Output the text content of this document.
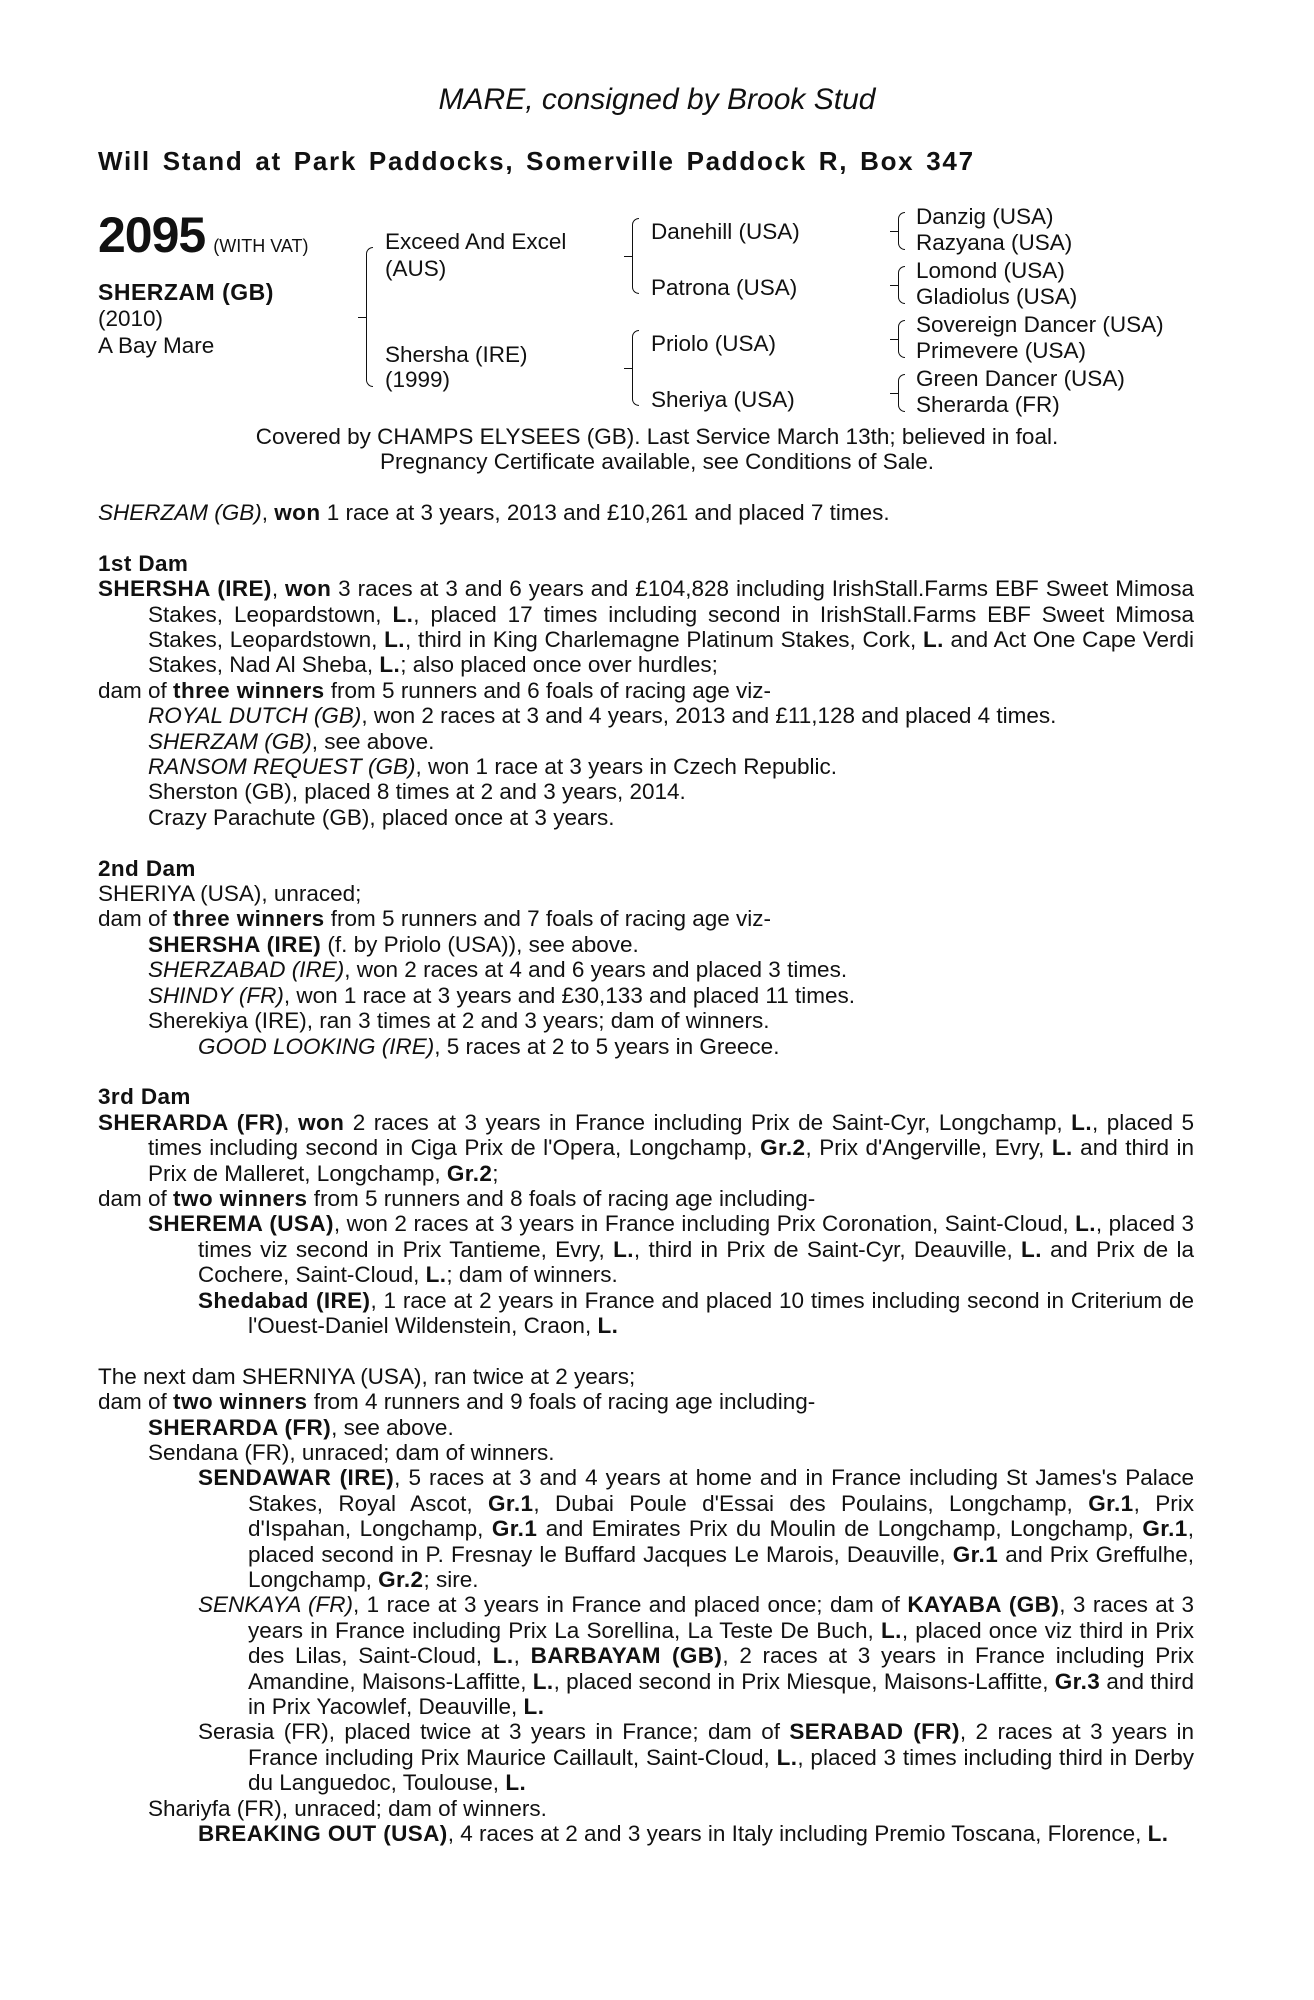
MARE, consigned by Brook Stud
Will Stand at Park Paddocks, Somerville Paddock R, Box 347
2095 (WITH VAT)
SHERZAM (GB)
(2010)
A Bay Mare
Exceed And Excel (AUS)
Shersha (IRE)
(1999)
Danehill (USA)
Patrona (USA)
Priolo (USA)
Sheriya (USA)
Danzig (USA)
Razyana (USA)
Lomond (USA)
Gladiolus (USA)
Sovereign Dancer (USA)
Primevere (USA)
Green Dancer (USA)
Sherarda (FR)
Covered by CHAMPS ELYSEES (GB). Last Service March 13th; believed in foal.
Pregnancy Certificate available, see Conditions of Sale.

SHERZAM (GB), won 1 race at 3 years, 2013 and £10,261 and placed 7 times.

1st Dam

SHERSHA (IRE), won 3 races at 3 and 6 years and £104,828 including IrishStall.Farms EBF Sweet Mimosa Stakes, Leopardstown, L., placed 17 times including second in IrishStall.Farms EBF Sweet Mimosa Stakes, Leopardstown, L., third in King Charlemagne Platinum Stakes, Cork, L. and Act One Cape Verdi Stakes, Nad Al Sheba, L.; also placed once over hurdles;

dam of three winners from 5 runners and 6 foals of racing age viz-

ROYAL DUTCH (GB), won 2 races at 3 and 4 years, 2013 and £11,128 and placed 4 times.

SHERZAM (GB), see above.

RANSOM REQUEST (GB), won 1 race at 3 years in Czech Republic.

Sherston (GB), placed 8 times at 2 and 3 years, 2014.

Crazy Parachute (GB), placed once at 3 years.

2nd Dam

SHERIYA (USA), unraced;

dam of three winners from 5 runners and 7 foals of racing age viz-

SHERSHA (IRE) (f. by Priolo (USA)), see above.

SHERZABAD (IRE), won 2 races at 4 and 6 years and placed 3 times.

SHINDY (FR), won 1 race at 3 years and £30,133 and placed 11 times.

Sherekiya (IRE), ran 3 times at 2 and 3 years; dam of winners.

GOOD LOOKING (IRE), 5 races at 2 to 5 years in Greece.

3rd Dam

SHERARDA (FR), won 2 races at 3 years in France including Prix de Saint-Cyr, Longchamp, L., placed 5 times including second in Ciga Prix de l'Opera, Longchamp, Gr.2, Prix d'Angerville, Evry, L. and third in Prix de Malleret, Longchamp, Gr.2;

dam of two winners from 5 runners and 8 foals of racing age including-

SHEREMA (USA), won 2 races at 3 years in France including Prix Coronation, Saint-Cloud, L., placed 3 times viz second in Prix Tantieme, Evry, L., third in Prix de Saint-Cyr, Deauville, L. and Prix de la Cochere, Saint-Cloud, L.; dam of winners.

Shedabad (IRE), 1 race at 2 years in France and placed 10 times including second in Criterium de l'Ouest-Daniel Wildenstein, Craon, L.

The next dam SHERNIYA (USA), ran twice at 2 years;

dam of two winners from 4 runners and 9 foals of racing age including-

SHERARDA (FR), see above.

Sendana (FR), unraced; dam of winners.

SENDAWAR (IRE), 5 races at 3 and 4 years at home and in France including St James's Palace Stakes, Royal Ascot, Gr.1, Dubai Poule d'Essai des Poulains, Longchamp, Gr.1, Prix d'Ispahan, Longchamp, Gr.1 and Emirates Prix du Moulin de Longchamp, Longchamp, Gr.1, placed second in P. Fresnay le Buffard Jacques Le Marois, Deauville, Gr.1 and Prix Greffulhe, Longchamp, Gr.2; sire.

SENKAYA (FR), 1 race at 3 years in France and placed once; dam of KAYABA (GB), 3 races at 3 years in France including Prix La Sorellina, La Teste De Buch, L., placed once viz third in Prix des Lilas, Saint-Cloud, L., BARBAYAM (GB), 2 races at 3 years in France including Prix Amandine, Maisons-Laffitte, L., placed second in Prix Miesque, Maisons-Laffitte, Gr.3 and third in Prix Yacowlef, Deauville, L.

Serasia (FR), placed twice at 3 years in France; dam of SERABAD (FR), 2 races at 3 years in France including Prix Maurice Caillault, Saint-Cloud, L., placed 3 times including third in Derby du Languedoc, Toulouse, L.

Shariyfa (FR), unraced; dam of winners.

BREAKING OUT (USA), 4 races at 2 and 3 years in Italy including Premio Toscana, Florence, L.
